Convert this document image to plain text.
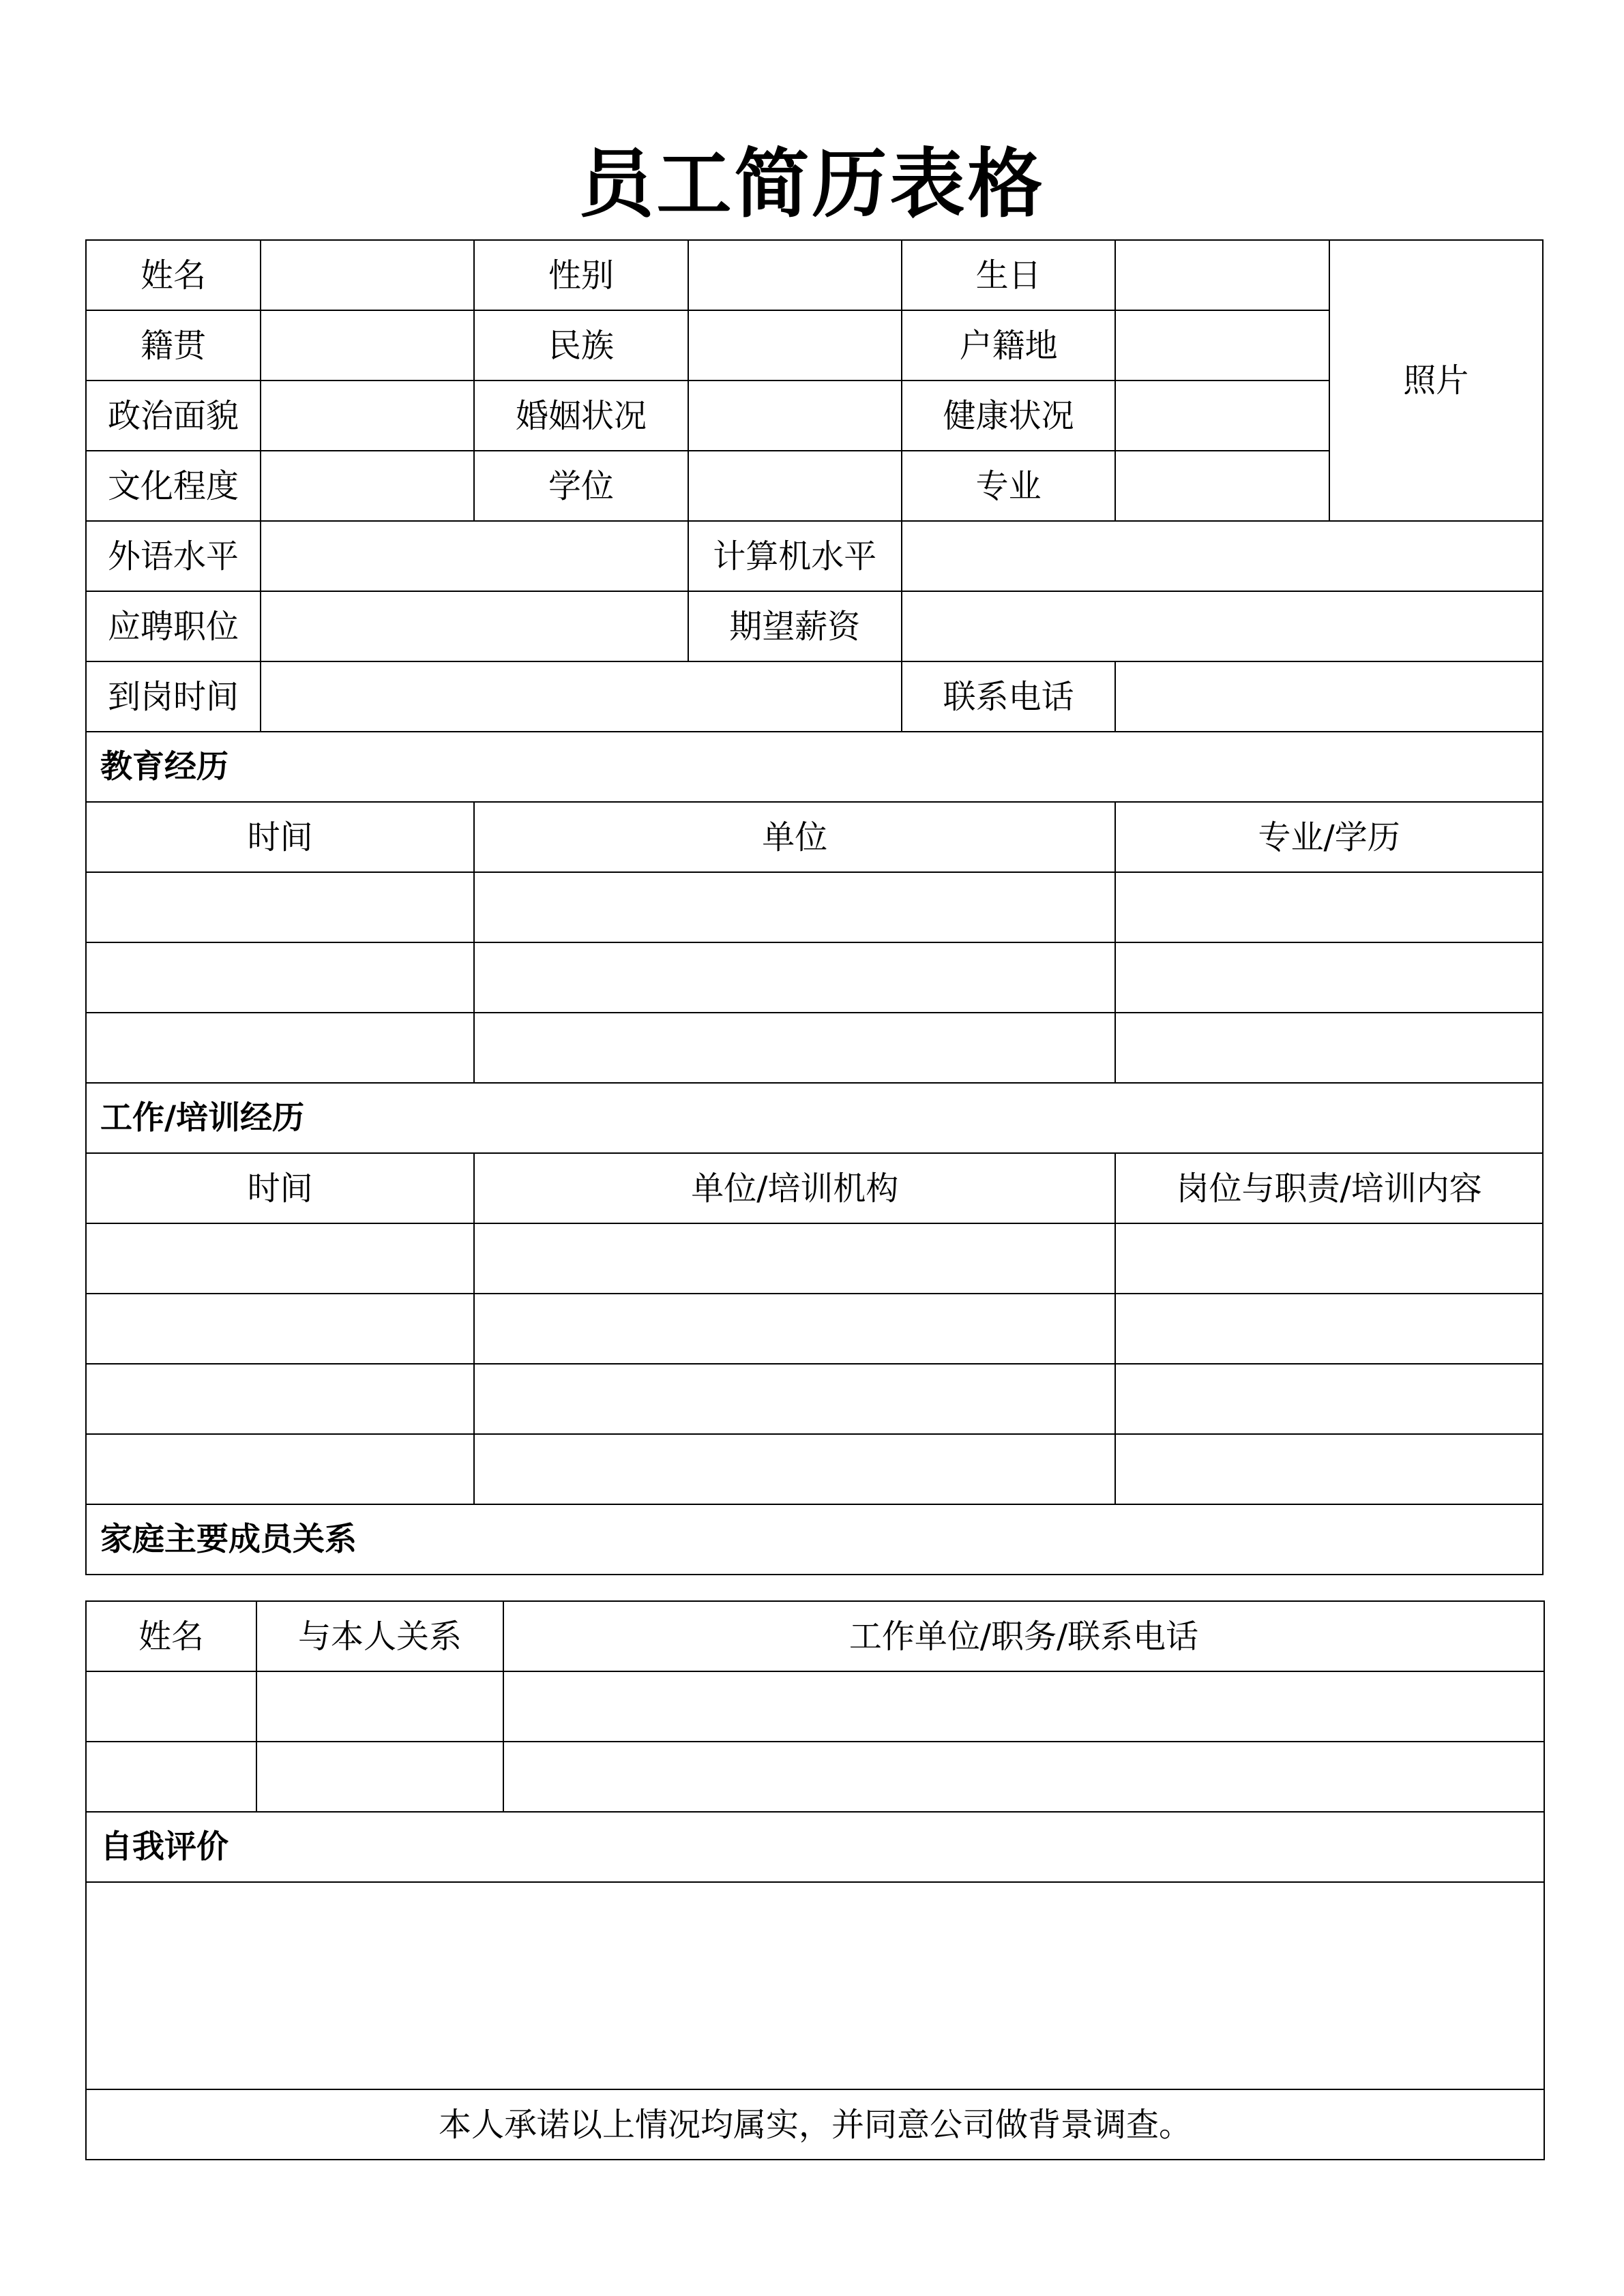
员工简历表格
姓名		性别		生日		照片
籍贯		民族		户籍地		
政治面貌		婚姻状况		健康状况		
文化程度		学位		专业		
外语水平			计算机水平			
应聘职位			期望薪资			
到岗时间				联系电话		
教育经历						
时间		单位			专业/学历	

工作/培训经历						
时间		单位/培训机构			岗位与职责/培训内容	

家庭主要成员关系						
姓名	与本人关系	工作单位/职务/联系电话

自我评价		

本人承诺以上情况均属实，并同意公司做背景调查。		
